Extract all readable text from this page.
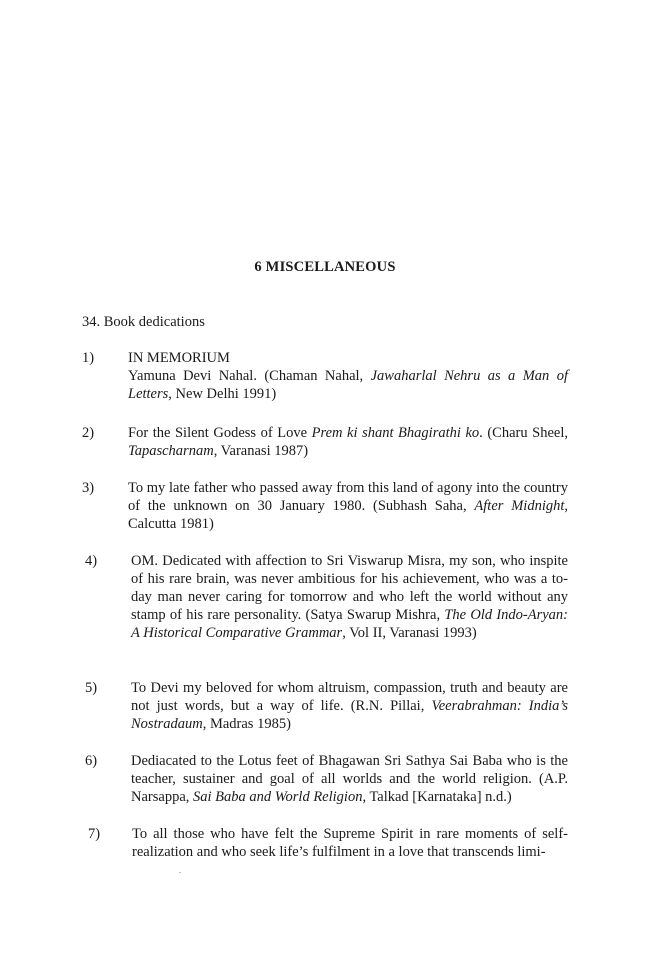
6 MISCELLANEOUS
34. Book dedications
1) IN MEMORIUM
Yamuna Devi Nahal. (Chaman Nahal, Jawaharlal Nehru as a Man of Letters, New Delhi 1991)
2) For the Silent Godess of Love Prem ki shant Bhagirathi ko. (Charu Sheel, Tapascharnam, Varanasi 1987)
3) To my late father who passed away from this land of agony into the country of the unknown on 30 January 1980. (Subhash Saha, After Midnight, Calcutta 1981)
4) OM. Dedicated with affection to Sri Viswarup Misra, my son, who inspite of his rare brain, was never ambitious for his achievement, who was a to-day man never caring for tomorrow and who left the world without any stamp of his rare personality. (Satya Swarup Mishra, The Old Indo-Aryan: A Historical Comparative Grammar, Vol II, Varanasi 1993)
5) To Devi my beloved for whom altruism, compassion, truth and beauty are not just words, but a way of life. (R.N. Pillai, Veerabrahman: India’s Nostradaum, Madras 1985)
6) Dediacated to the Lotus feet of Bhagawan Sri Sathya Sai Baba who is the teacher, sustainer and goal of all worlds and the world religion. (A.P. Narsappa, Sai Baba and World Religion, Talkad [Karnataka] n.d.)
7) To all those who have felt the Supreme Spirit in rare moments of self-realization and who seek life’s fulfilment in a love that transcends limi-
